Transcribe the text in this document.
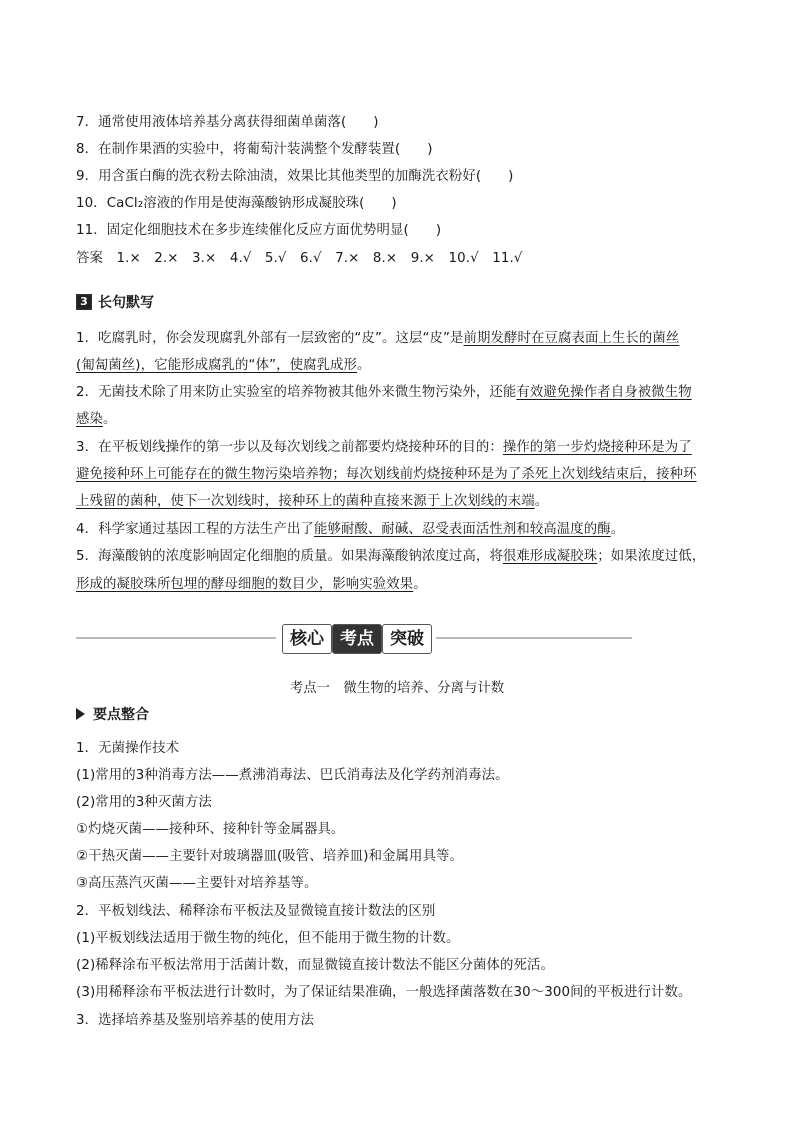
7．通常使用液体培养基分离获得细菌单菌落(　　)
8．在制作果酒的实验中，将葡萄汁装满整个发酵装置(　　)
9．用含蛋白酶的洗衣粉去除油渍，效果比其他类型的加酶洗衣粉好(　　)
10．CaCl₂溶液的作用是使海藻酸钠形成凝胶珠(　　)
11．固定化细胞技术在多步连续催化反应方面优势明显(　　)
答案　1.×　2.×　3.×　4.√　5.√　6.√　7.×　8.×　9.×　10.√　11.√
3 长句默写
1．吃腐乳时，你会发现腐乳外部有一层致密的“皮”。这层“皮”是前期发酵时在豆腐表面上生长的菌丝
(匍匐菌丝)，它能形成腐乳的“体”，使腐乳成形。
2．无菌技术除了用来防止实验室的培养物被其他外来微生物污染外，还能有效避免操作者自身被微生物
感染。
3．在平板划线操作的第一步以及每次划线之前都要灼烧接种环的目的：操作的第一步灼烧接种环是为了
避免接种环上可能存在的微生物污染培养物；每次划线前灼烧接种环是为了杀死上次划线结束后，接种环
上残留的菌种，使下一次划线时，接种环上的菌种直接来源于上次划线的末端。
4．科学家通过基因工程的方法生产出了能够耐酸、耐碱、忍受表面活性剂和较高温度的酶。
5．海藻酸钠的浓度影响固定化细胞的质量。如果海藻酸钠浓度过高，将很难形成凝胶珠；如果浓度过低，
形成的凝胶珠所包埋的酵母细胞的数目少，影响实验效果。
核心 考点 突破
考点一　微生物的培养、分离与计数
要点整合
1．无菌操作技术
(1)常用的3种消毒方法——煮沸消毒法、巴氏消毒法及化学药剂消毒法。
(2)常用的3种灭菌方法
①灼烧灭菌——接种环、接种针等金属器具。
②干热灭菌——主要针对玻璃器皿(吸管、培养皿)和金属用具等。
③高压蒸汽灭菌——主要针对培养基等。
2．平板划线法、稀释涂布平板法及显微镜直接计数法的区别
(1)平板划线法适用于微生物的纯化，但不能用于微生物的计数。
(2)稀释涂布平板法常用于活菌计数，而显微镜直接计数法不能区分菌体的死活。
(3)用稀释涂布平板法进行计数时，为了保证结果准确，一般选择菌落数在30～300间的平板进行计数。
3．选择培养基及鉴别培养基的使用方法
